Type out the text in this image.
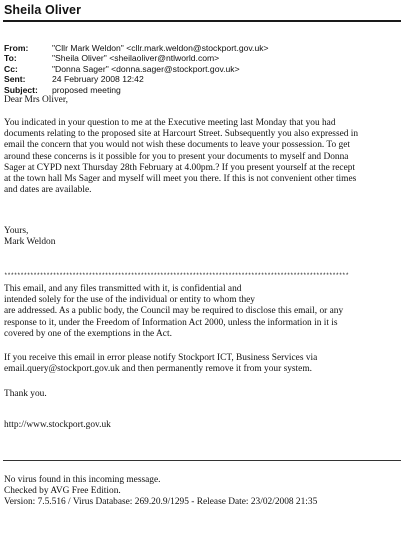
Sheila Oliver
From:	"Cllr Mark Weldon" <cllr.mark.weldon@stockport.gov.uk>
To:	"Sheila Oliver" <sheilaoliver@ntlworld.com>
Cc:	"Donna Sager" <donna.sager@stockport.gov.uk>
Sent:	24 February 2008 12:42
Subject:	proposed meeting
Dear Mrs Oliver,
You indicated in your question to me at the Executive meeting last Monday that you had
documents relating to the proposed site at Harcourt Street. Subsequently you also expressed in
email the concern that you would not wish these documents to leave your possession. To get
around these concerns is it possible for you to present your documents to myself and Donna
Sager at CYPD next Thursday 28th February at 4.00pm.? If you present yourself at the recept
at the town hall Ms Sager and myself will meet you there. If this is not convenient other times
and dates are available.
Yours,
Mark Weldon
**********************************************************************************************************
This email, and any files transmitted with it, is confidential and
intended solely for the use of the individual or entity to whom they
are addressed. As a public body, the Council may be required to disclose this email, or any
response to it, under the Freedom of Information Act 2000, unless the information in it is
covered by one of the exemptions in the Act.
If you receive this email in error please notify Stockport ICT, Business Services via
email.query@stockport.gov.uk and then permanently remove it from your system.
Thank you.
http://www.stockport.gov.uk
No virus found in this incoming message.
Checked by AVG Free Edition.
Version: 7.5.516 / Virus Database: 269.20.9/1295 - Release Date: 23/02/2008 21:35
